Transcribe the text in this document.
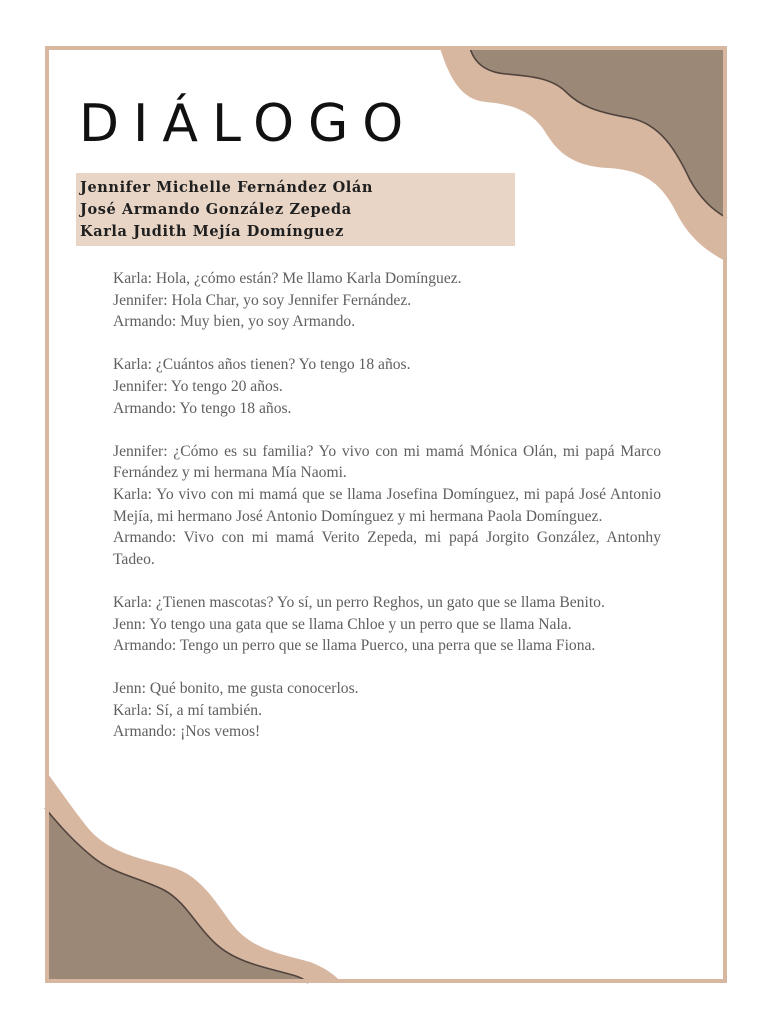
DIÁLOGO
Jennifer Michelle Fernández Olán
José Armando González Zepeda
Karla Judith Mejía Domínguez
Karla: Hola, ¿cómo están? Me llamo Karla Domínguez.
Jennifer: Hola Char, yo soy Jennifer Fernández.
Armando: Muy bien, yo soy Armando.
Karla: ¿Cuántos años tienen? Yo tengo 18 años.
Jennifer: Yo tengo 20 años.
Armando: Yo tengo 18 años.
Jennifer: ¿Cómo es su familia? Yo vivo con mi mamá Mónica Olán, mi papá Marco Fernández y mi hermana Mía Naomi.
Karla: Yo vivo con mi mamá que se llama Josefina Domínguez, mi papá José Antonio Mejía, mi hermano José Antonio Domínguez y mi hermana Paola Domínguez.
Armando: Vivo con mi mamá Verito Zepeda, mi papá Jorgito González, Antonhy Tadeo.
Karla: ¿Tienen mascotas? Yo sí, un perro Reghos, un gato que se llama Benito.
Jenn: Yo tengo una gata que se llama Chloe y un perro que se llama Nala.
Armando: Tengo un perro que se llama Puerco, una perra que se llama Fiona.
Jenn: Qué bonito, me gusta conocerlos.
Karla: Sí, a mí también.
Armando: ¡Nos vemos!
